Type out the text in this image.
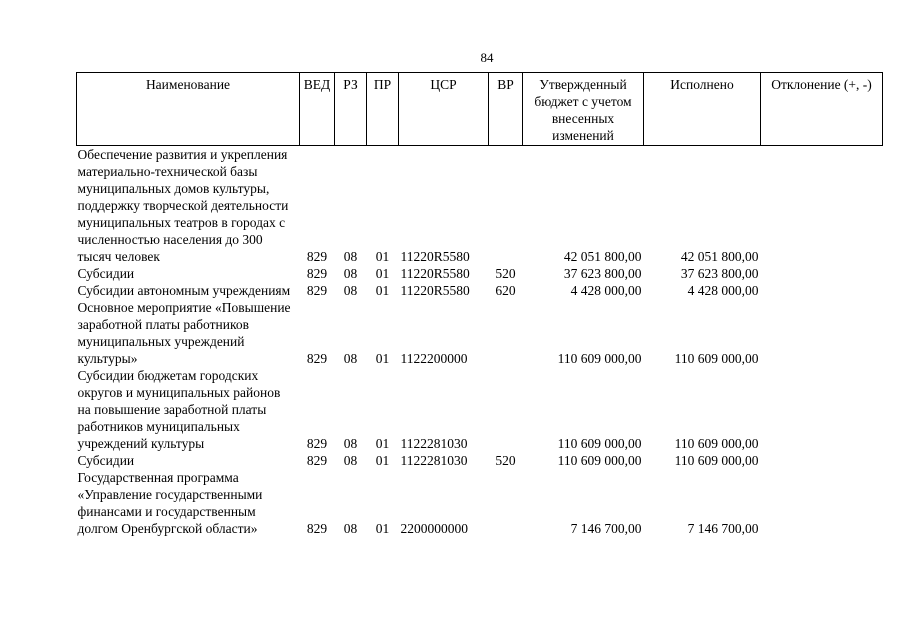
84
Наименование	ВЕД	РЗ	ПР	ЦСР	ВР	Утвержденный бюджет с учетом внесенных изменений	Исполнено	Отклонение (+, -)
Обеспечение развития и укрепления материально-технической базы муниципальных домов культуры, поддержку творческой деятельности муниципальных театров в городах с численностью населения до 300 тысяч человек	829	08	01	11220R5580		42 051 800,00	42 051 800,00	
Субсидии	829	08	01	11220R5580	520	37 623 800,00	37 623 800,00	
Субсидии автономным учреждениям	829	08	01	11220R5580	620	4 428 000,00	4 428 000,00	
Основное мероприятие «Повышение заработной платы работников муниципальных учреждений культуры»	829	08	01	1122200000		110 609 000,00	110 609 000,00	
Субсидии бюджетам городских округов и муниципальных районов на повышение заработной платы работников муниципальных учреждений культуры	829	08	01	1122281030		110 609 000,00	110 609 000,00	
Субсидии	829	08	01	1122281030	520	110 609 000,00	110 609 000,00	
Государственная программа «Управление государственными финансами и государственным долгом Оренбургской области»	829	08	01	2200000000		7 146 700,00	7 146 700,00	
